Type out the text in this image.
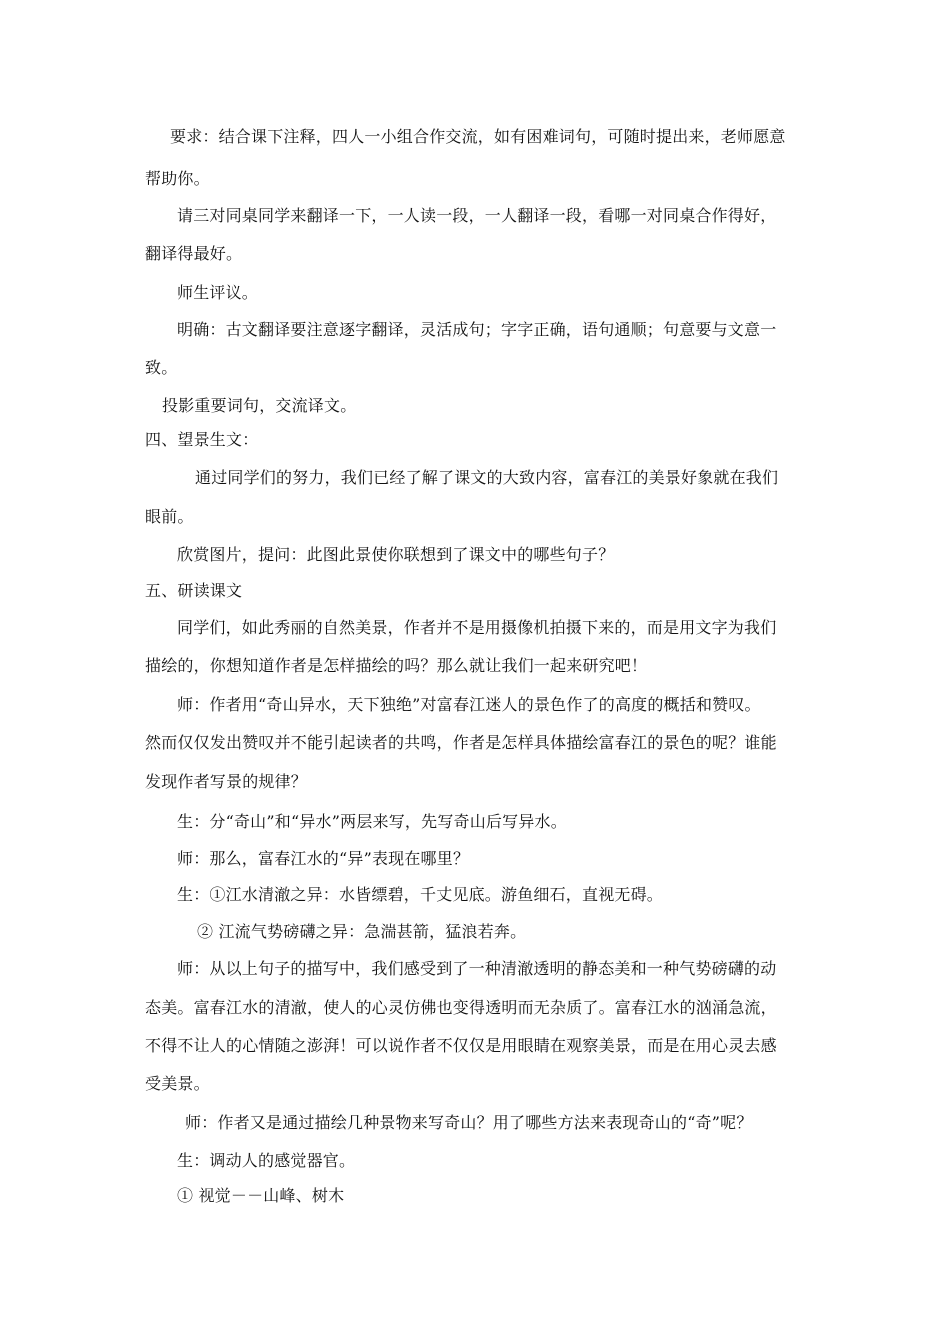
要求：结合课下注释，四人一小组合作交流，如有困难词句，可随时提出来，老师愿意
帮助你。
请三对同桌同学来翻译一下，一人读一段，一人翻译一段，看哪一对同桌合作得好，
翻译得最好。
师生评议。
明确：古文翻译要注意逐字翻译，灵活成句；字字正确，语句通顺；句意要与文意一
致。
投影重要词句，交流译文。
四、望景生文：
通过同学们的努力，我们已经了解了课文的大致内容，富春江的美景好象就在我们
眼前。
欣赏图片，提问：此图此景使你联想到了课文中的哪些句子？
五、研读课文
同学们，如此秀丽的自然美景，作者并不是用摄像机拍摄下来的，而是用文字为我们
描绘的，你想知道作者是怎样描绘的吗？那么就让我们一起来研究吧！
师：作者用“奇山异水，天下独绝”对富春江迷人的景色作了的高度的概括和赞叹。
然而仅仅发出赞叹并不能引起读者的共鸣，作者是怎样具体描绘富春江的景色的呢？谁能
发现作者写景的规律？
生：分“奇山”和“异水”两层来写，先写奇山后写异水。
师：那么，富春江水的“异”表现在哪里？
生：①江水清澈之异：水皆缥碧，千丈见底。游鱼细石，直视无碍。
② 江流气势磅礴之异：急湍甚箭，猛浪若奔。
师：从以上句子的描写中，我们感受到了一种清澈透明的静态美和一种气势磅礴的动
态美。富春江水的清澈，使人的心灵仿佛也变得透明而无杂质了。富春江水的汹涌急流，
不得不让人的心情随之澎湃！可以说作者不仅仅是用眼睛在观察美景，而是在用心灵去感
受美景。
师：作者又是通过描绘几种景物来写奇山？用了哪些方法来表现奇山的“奇”呢？
生：调动人的感觉器官。
① 视觉－－山峰、树木
